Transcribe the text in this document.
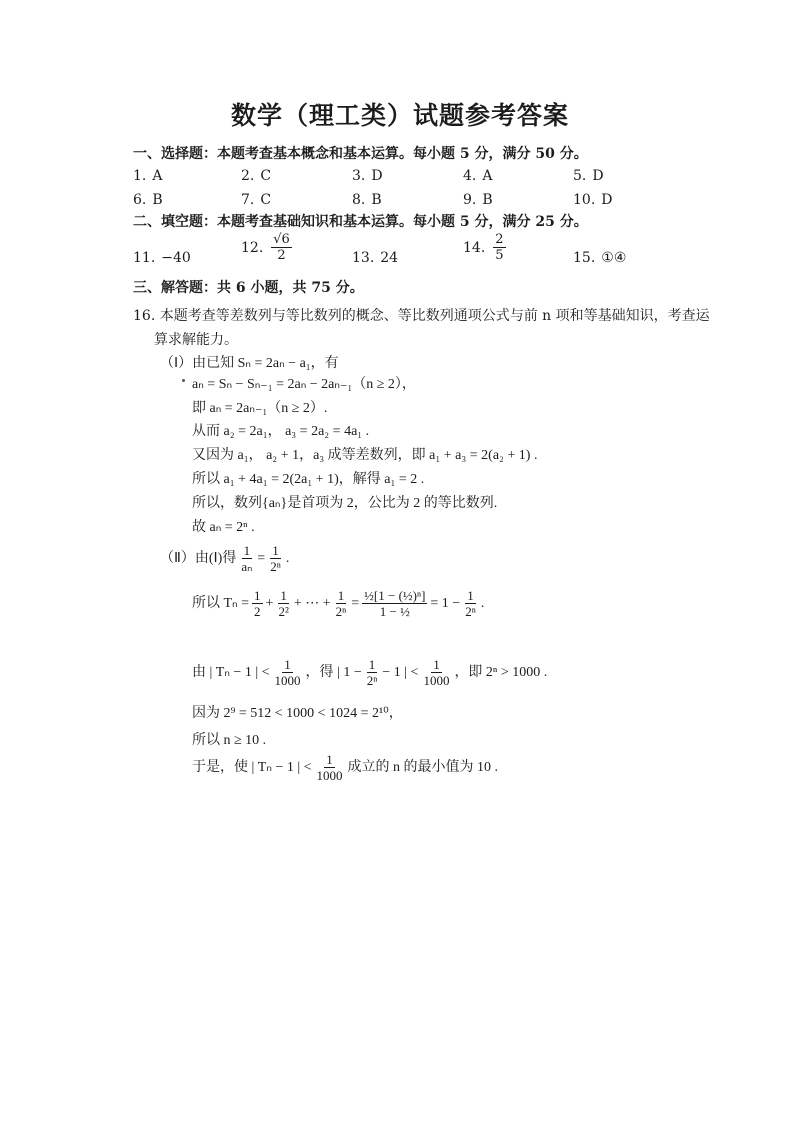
数学（理工类）试题参考答案
一、选择题：本题考查基本概念和基本运算。每小题 5 分，满分 50 分。
1. A	2. C	3. D	4. A	5. D
6. B	7. C	8. B	9. B	10. D
二、填空题：本题考查基础知识和基本运算。每小题 5 分，满分 25 分。
11. −40
12. $\frac{√6}{2}$	13. 24
14. $\frac{2}{5}$	15. ①④
三、解答题：共 6 小题，共 75 分。
16. 本题考查等差数列与等比数列的概念、等比数列通项公式与前 n 项和等基础知识，考查运
算求解能力。
（Ⅰ）由已知 Sₙ = 2aₙ − a₁，有
aₙ = Sₙ − Sₙ₋₁ = 2aₙ − 2aₙ₋₁（n ≥ 2），
即 aₙ = 2aₙ₋₁（n ≥ 2）.
从而 a₂ = 2a₁， a₃ = 2a₂ = 4a₁ .
又因为 a₁， a₂ + 1，a₃ 成等差数列，即 a₁ + a₃ = 2(a₂ + 1) .
所以 a₁ + 4a₁ = 2(2a₁ + 1)，解得 a₁ = 2 .
所以，数列{aₙ}是首项为 2，公比为 2 的等比数列.
故 aₙ = 2ⁿ .
（Ⅱ）由(Ⅰ)得 $\frac{1}{\text{aₙ}} = \frac{1}{\text{2ⁿ}}$ .
所以 $T_n = \frac{1}{2} + \frac{1}{\text{2²}}$ + ⋯ + $\frac{1}{\text{2ⁿ}} = \frac{\text{½[1 − (½)ⁿ]}}{\text{1 − ½}} = 1 - \frac{1}{\text{2ⁿ}}$ .
由 | Tₙ − 1 | < $\frac{1}{1000}$ ，得 | $1 - \frac{1}{\text{2ⁿ}} - 1$ | < $\frac{1}{1000}$ ，即 2ⁿ > 1000 .
因为 2⁹ = 512 < 1000 < 1024 = 2¹⁰，
所以 n ≥ 10 .
于是，使 | Tₙ − 1 | < $\frac{1}{1000}$ 成立的 n 的最小值为 10 .
